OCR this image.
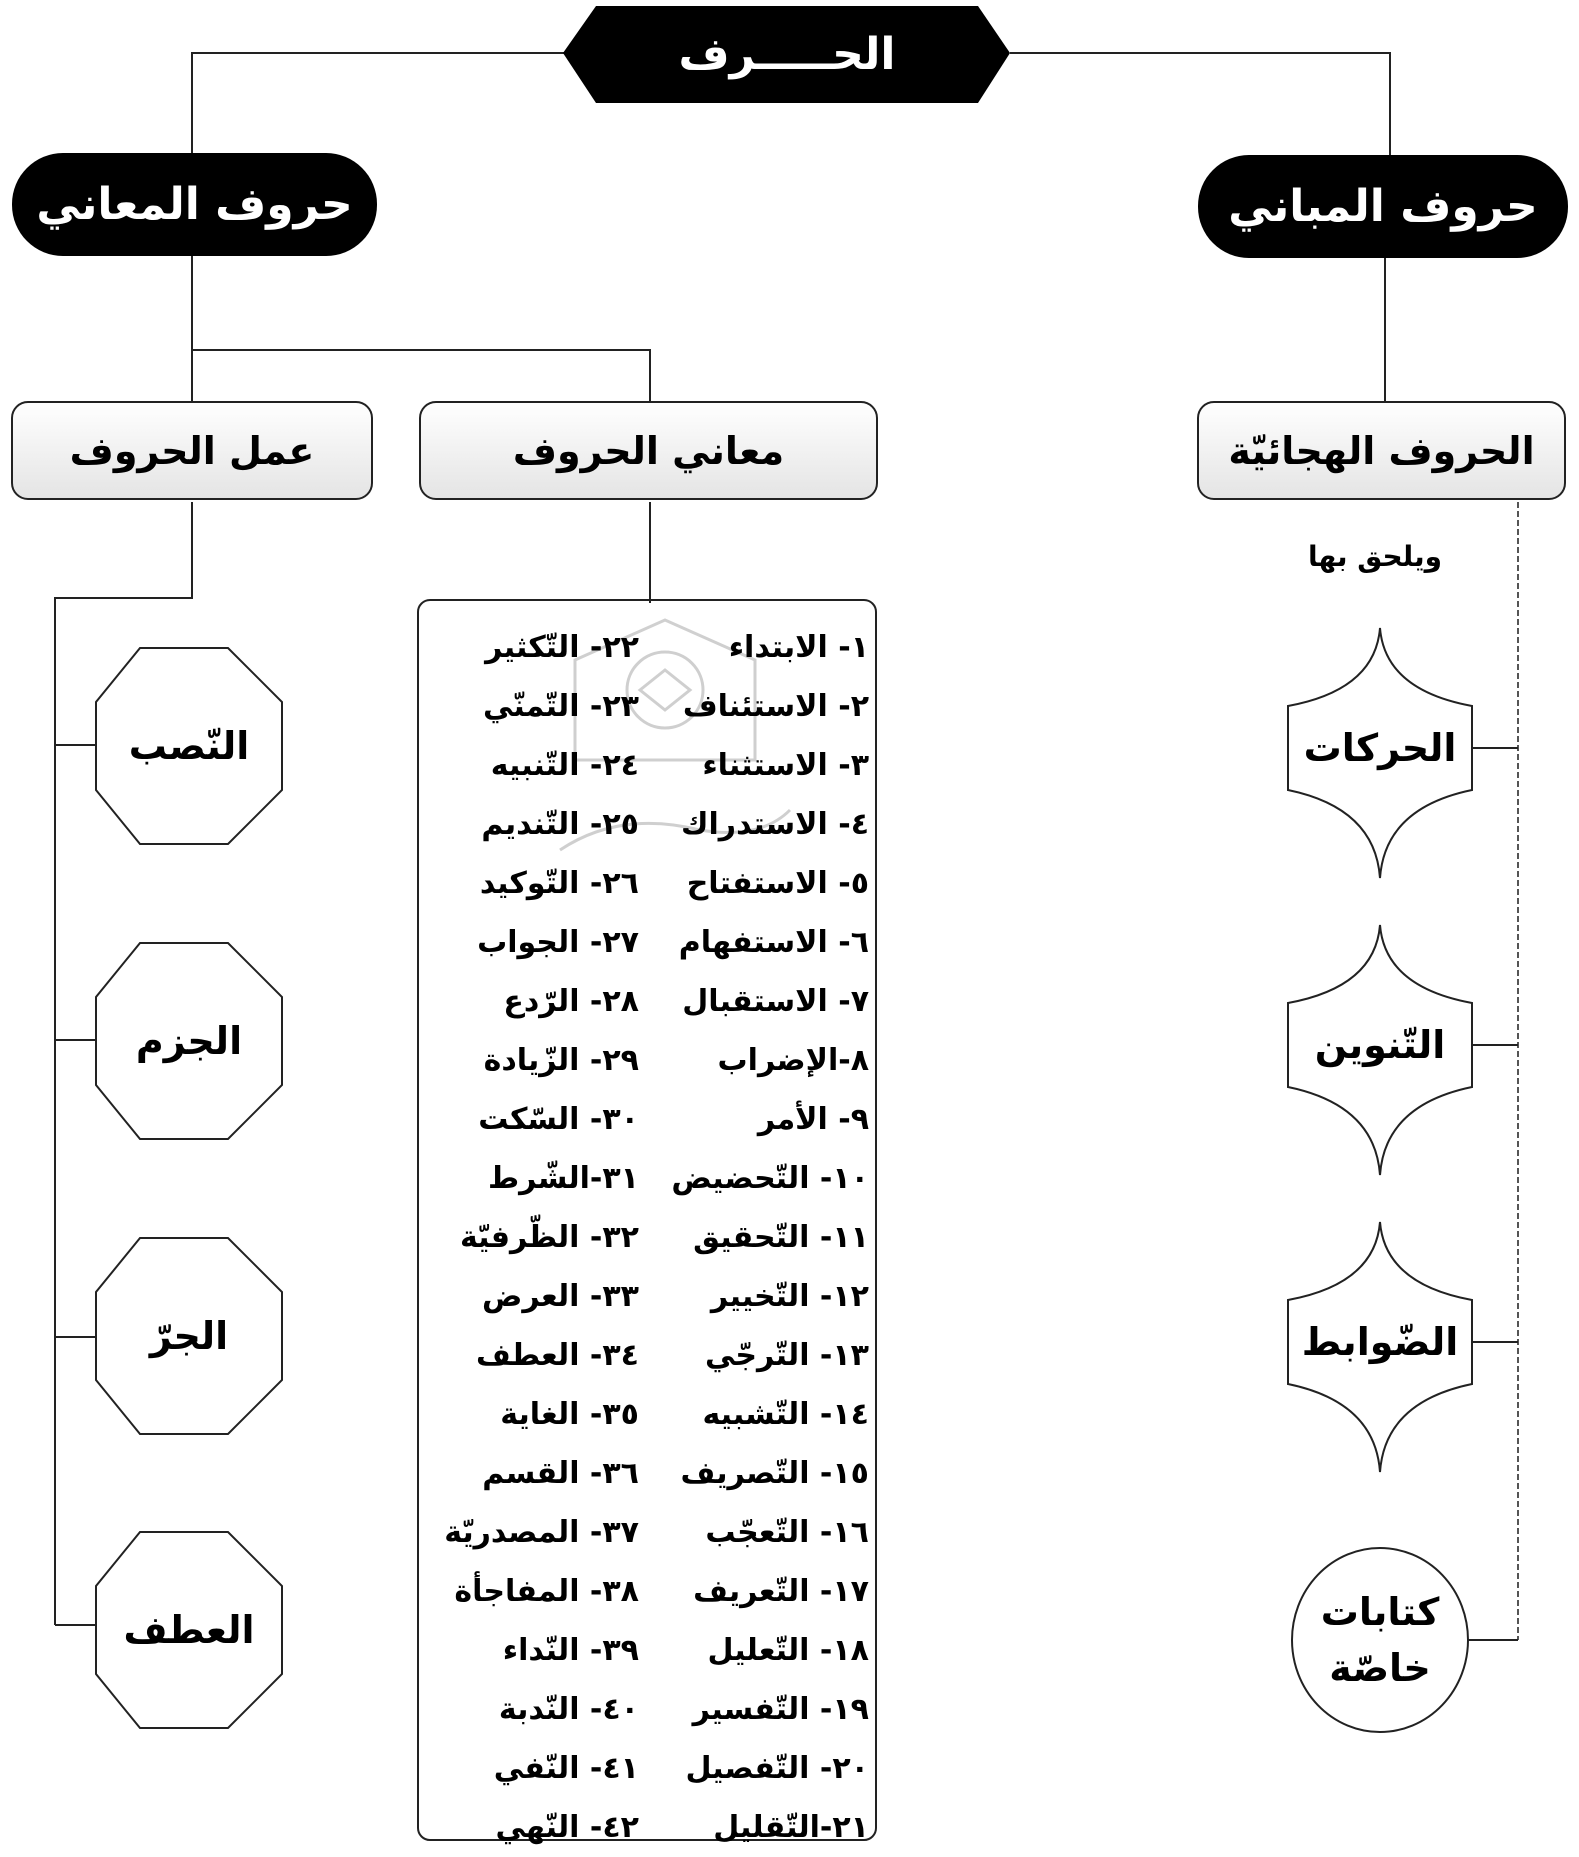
الحـــــرف
حروف المعاني	حروف المباني
عمل الحروف	معاني الحروف	الحروف الهجائيّة
ويلحق بها
النّصب
الجزم
الجرّ
العطف
الحركات
التّنوين
الضّوابط
كتابات خاصّة
١- الابتداء
٢- الاستئناف
٣- الاستثناء
٤- الاستدراك
٥- الاستفتاح
٦- الاستفهام
٧- الاستقبال
٨-الإضراب
٩- الأمر
١٠- التّحضيض
١١- التّحقيق
١٢- التّخيير
١٣- التّرجّي
١٤- التّشبيه
١٥- التّصريف
١٦- التّعجّب
١٧- التّعريف
١٨- التّعليل
١٩- التّفسير
٢٠- التّفصيل
٢١-التّقليل
٢٢- التّكثير
٢٣- التّمنّي
٢٤- التّنبيه
٢٥- التّنديم
٢٦- التّوكيد
٢٧- الجواب
٢٨- الرّدع
٢٩- الزّيادة
٣٠- السّكت
٣١-الشّرط
٣٢- الظّرفيّة
٣٣- العرض
٣٤- العطف
٣٥- الغاية
٣٦- القسم
٣٧- المصدريّة
٣٨- المفاجأة
٣٩- النّداء
٤٠- النّدبة
٤١- النّفي
٤٢- النّهي
